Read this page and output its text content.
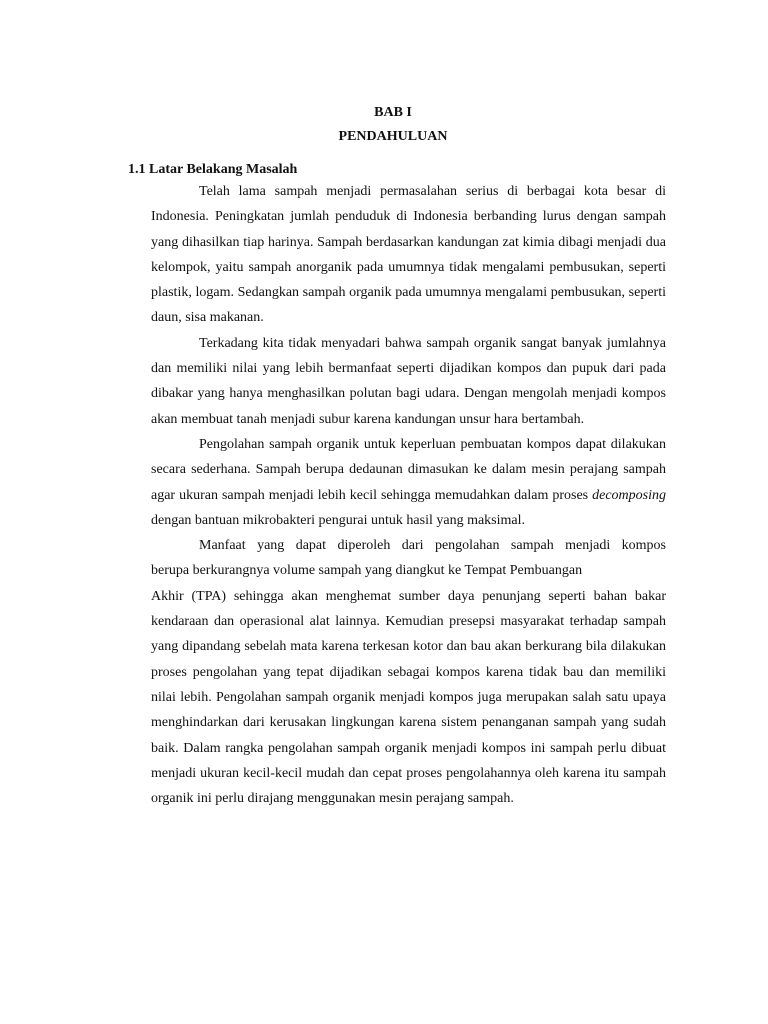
BAB I
PENDAHULUAN
1.1 Latar Belakang Masalah

Telah lama sampah menjadi permasalahan serius di berbagai kota besar di Indonesia. Peningkatan jumlah penduduk di Indonesia berbanding lurus dengan sampah yang dihasilkan tiap harinya. Sampah berdasarkan kandungan zat kimia dibagi menjadi dua kelompok, yaitu sampah anorganik pada umumnya tidak mengalami pembusukan, seperti plastik, logam. Sedangkan sampah organik pada umumnya mengalami pembusukan, seperti daun, sisa makanan.

Terkadang kita tidak menyadari bahwa sampah organik sangat banyak jumlahnya dan memiliki nilai yang lebih bermanfaat seperti dijadikan kompos dan pupuk dari pada dibakar yang hanya menghasilkan polutan bagi udara. Dengan mengolah menjadi kompos akan membuat tanah menjadi subur karena kandungan unsur hara bertambah.

Pengolahan sampah organik untuk keperluan pembuatan kompos dapat dilakukan secara sederhana. Sampah berupa dedaunan dimasukan ke dalam mesin perajang sampah agar ukuran sampah menjadi lebih kecil sehingga memudahkan dalam proses decomposing dengan bantuan mikrobakteri pengurai untuk hasil yang maksimal.

Manfaat yang dapat diperoleh dari pengolahan sampah menjadi kompos
berupa berkurangnya volume sampah yang diangkut ke Tempat Pembuangan
Akhir (TPA) sehingga akan menghemat sumber daya penunjang seperti bahan bakar kendaraan dan operasional alat lainnya. Kemudian presepsi masyarakat terhadap sampah yang dipandang sebelah mata karena terkesan kotor dan bau akan berkurang bila dilakukan proses pengolahan yang tepat dijadikan sebagai kompos karena tidak bau dan memiliki nilai lebih. Pengolahan sampah organik menjadi kompos juga merupakan salah satu upaya menghindarkan dari kerusakan lingkungan karena sistem penanganan sampah yang sudah baik. Dalam rangka pengolahan sampah organik menjadi kompos ini sampah perlu dibuat menjadi ukuran kecil-kecil mudah dan cepat proses pengolahannya oleh karena itu sampah organik ini perlu dirajang menggunakan mesin perajang sampah.
